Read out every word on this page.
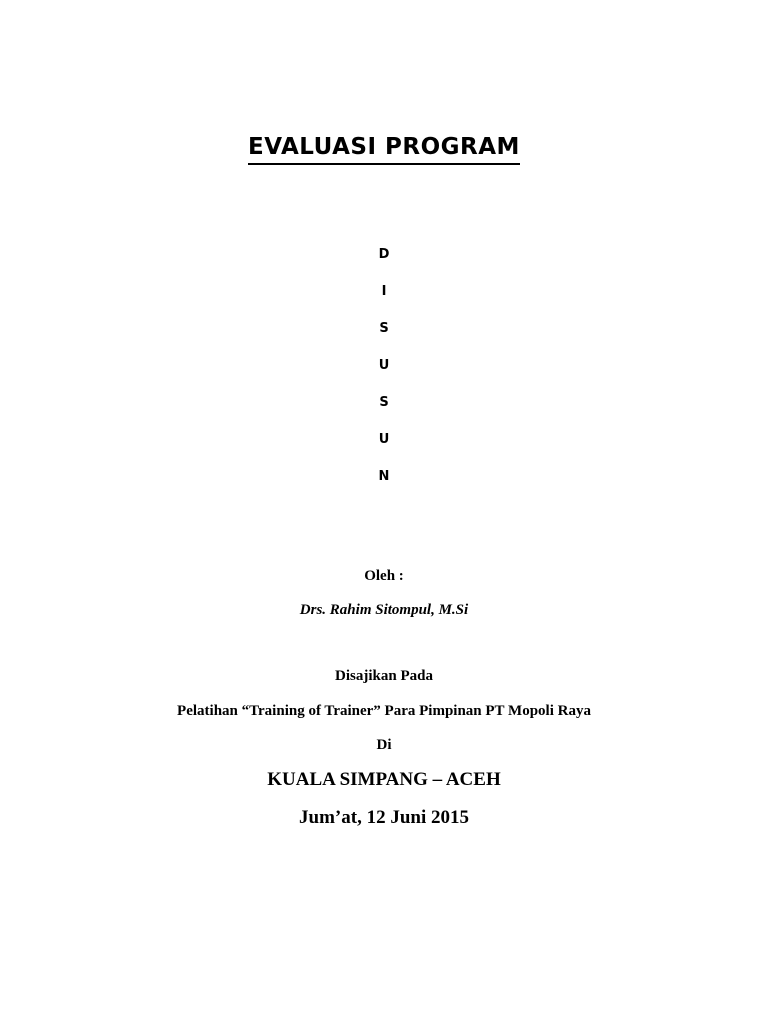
EVALUASI PROGRAM
D
I
S
U
S
U
N

Oleh :

Drs. Rahim Sitompul, M.Si

Disajikan Pada

Pelatihan “Training of Trainer” Para Pimpinan PT Mopoli Raya

Di

KUALA SIMPANG – ACEH

Jum’at, 12 Juni 2015
